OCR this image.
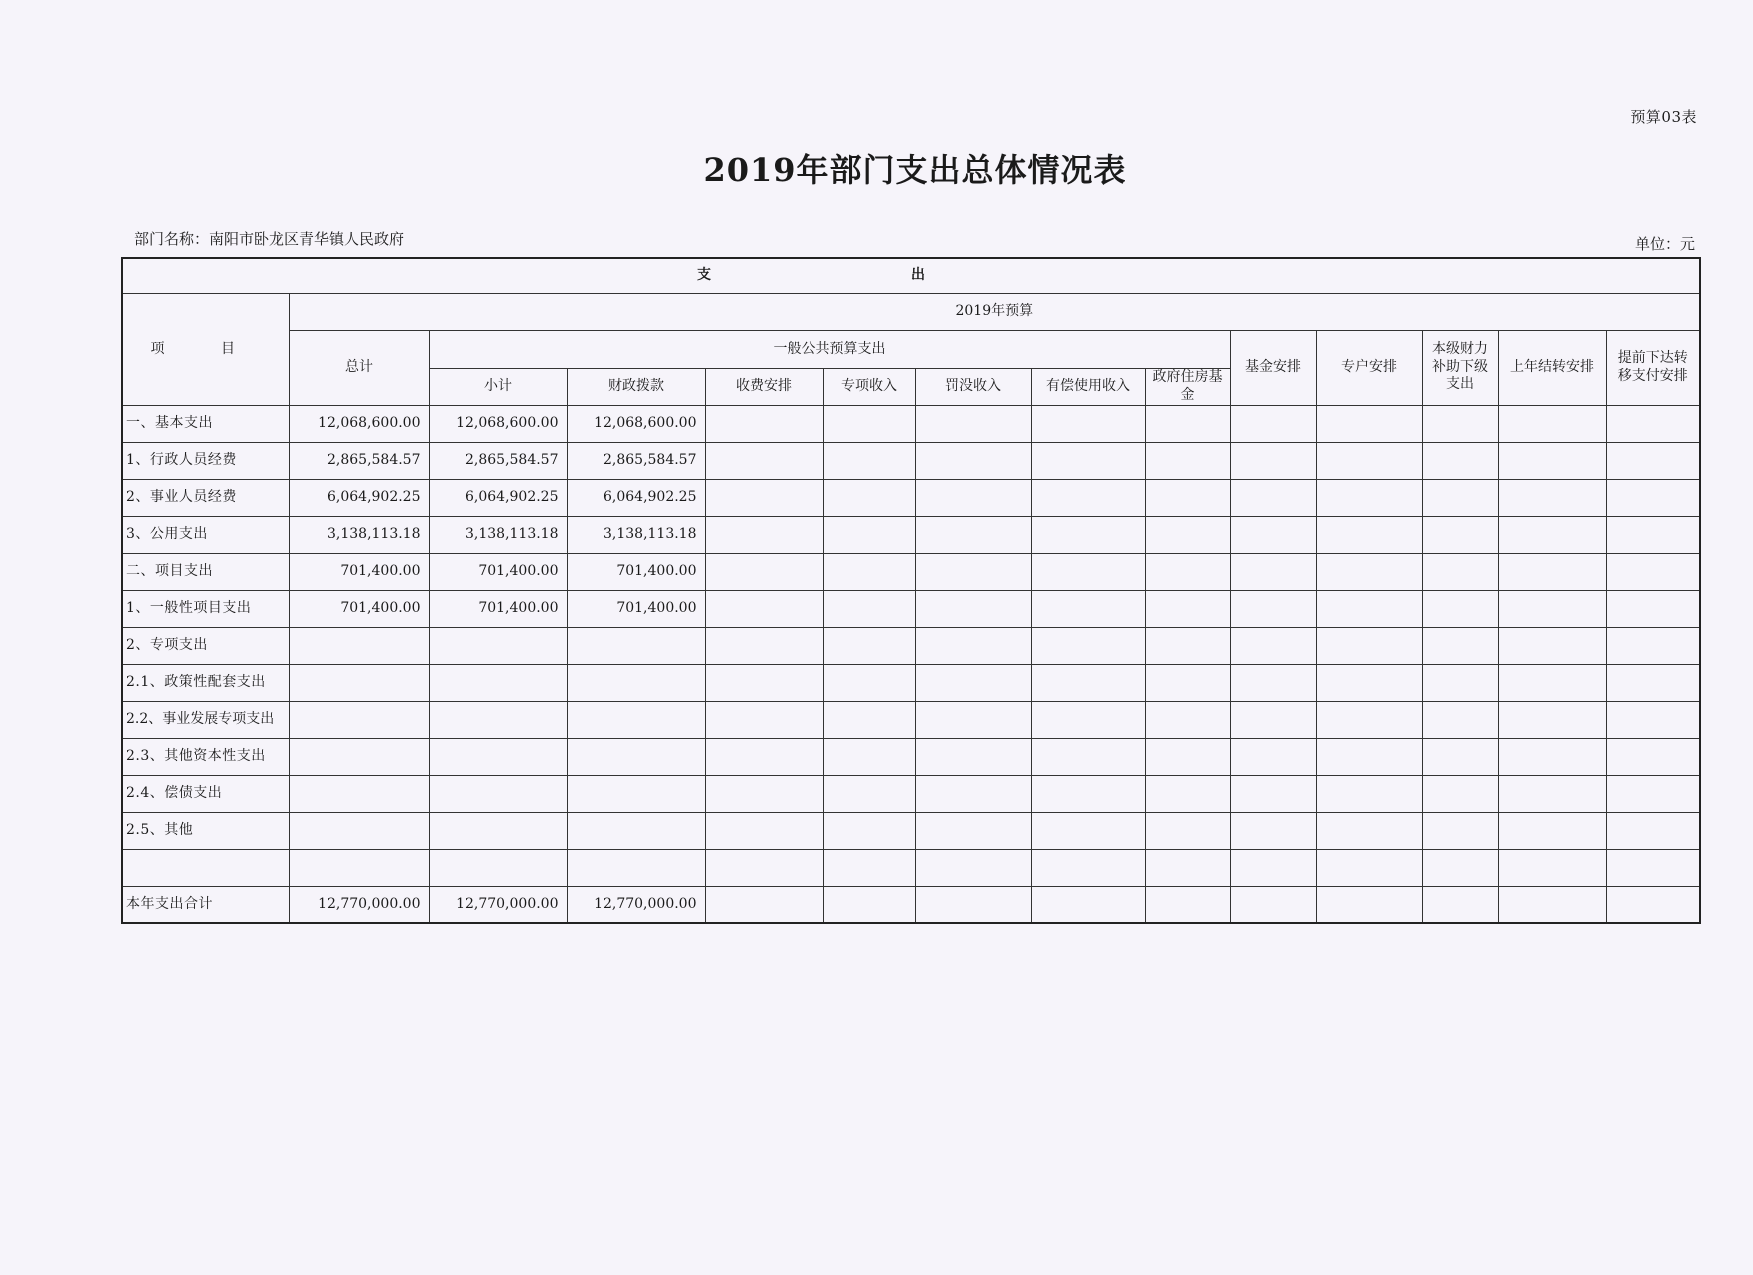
预算03表
2019年部门支出总体情况表
部门名称：南阳市卧龙区青华镇人民政府	单位：元
支出													
项 目	2019年预算												
	总计	一般公共预算支出							基金安排	专户安排	本级财力补助下级支出	上年结转安排	提前下达转移支付安排
		小计	财政拨款	收费安排	专项收入	罚没收入	有偿使用收入	政府住房基金					

一、基本支出	12,068,600.00	12,068,600.00	12,068,600.00										
1、行政人员经费	2,865,584.57	2,865,584.57	2,865,584.57										
2、事业人员经费	6,064,902.25	6,064,902.25	6,064,902.25										
3、公用支出	3,138,113.18	3,138,113.18	3,138,113.18										
二、项目支出	701,400.00	701,400.00	701,400.00										
1、一般性项目支出	701,400.00	701,400.00	701,400.00										
2、专项支出													
2.1、政策性配套支出													
2.2、事业发展专项支出													
2.3、其他资本性支出													
2.4、偿债支出													
2.5、其他													

本年支出合计	12,770,000.00	12,770,000.00	12,770,000.00										
